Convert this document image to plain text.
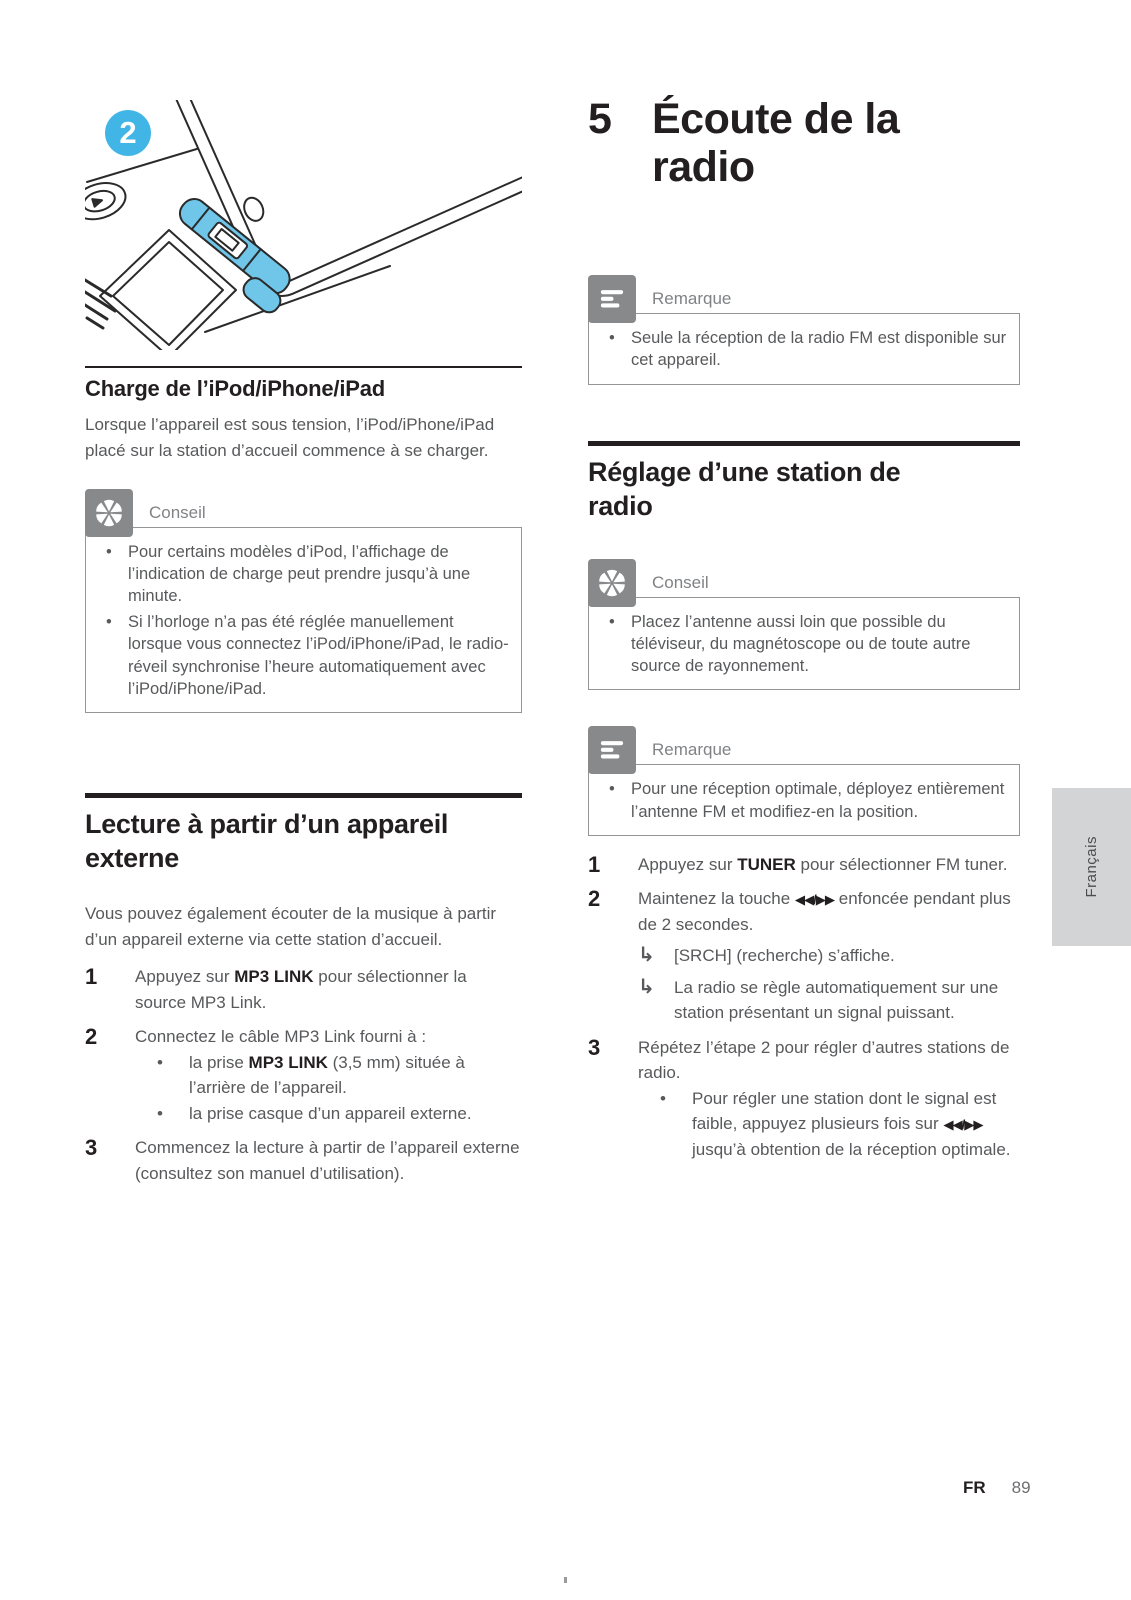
2
Charge de l’iPod/iPhone/iPad

Lorsque l’appareil est sous tension, l’iPod/iPhone/iPad placé sur la station d’accueil commence à se charger.

Conseil
• Pour certains modèles d’iPod, l’affichage de l’indication de charge peut prendre jusqu’à une minute.
• Si l’horloge n’a pas été réglée manuellement lorsque vous connectez l’iPod/iPhone/iPad, le radio-réveil synchronise l’heure automatiquement avec l’iPod/iPhone/iPad.
Lecture à partir d’un appareil externe

Vous pouvez également écouter de la musique à partir d’un appareil externe via cette station d’accueil.

1	Appuyez sur MP3 LINK pour sélectionner la source MP3 Link.
2	Connectez le câble MP3 Link fourni à :
•	la prise MP3 LINK (3,5 mm) située à l’arrière de l’appareil.
•	la prise casque d’un appareil externe.
3	Commencez la lecture à partir de l’appareil externe (consultez son manuel d’utilisation).
5 Écoute de la radio
Remarque
• Seule la réception de la radio FM est disponible sur cet appareil.
Réglage d’une station de radio
Conseil
• Placez l’antenne aussi loin que possible du téléviseur, du magnétoscope ou de toute autre source de rayonnement.
Remarque
• Pour une réception optimale, déployez entièrement l’antenne FM et modifiez-en la position.
1	Appuyez sur TUNER pour sélectionner FM tuner.
2	Maintenez la touche ◀◀/▶▶ enfoncée pendant plus de 2 secondes.
↳	[SRCH] (recherche) s’affiche.
↳	La radio se règle automatiquement sur une station présentant un signal puissant.
3	Répétez l’étape 2 pour régler d’autres stations de radio.
•	Pour régler une station dont le signal est faible, appuyez plusieurs fois sur ◀◀/▶▶ jusqu’à obtention de la réception optimale.
Français
FR 89
